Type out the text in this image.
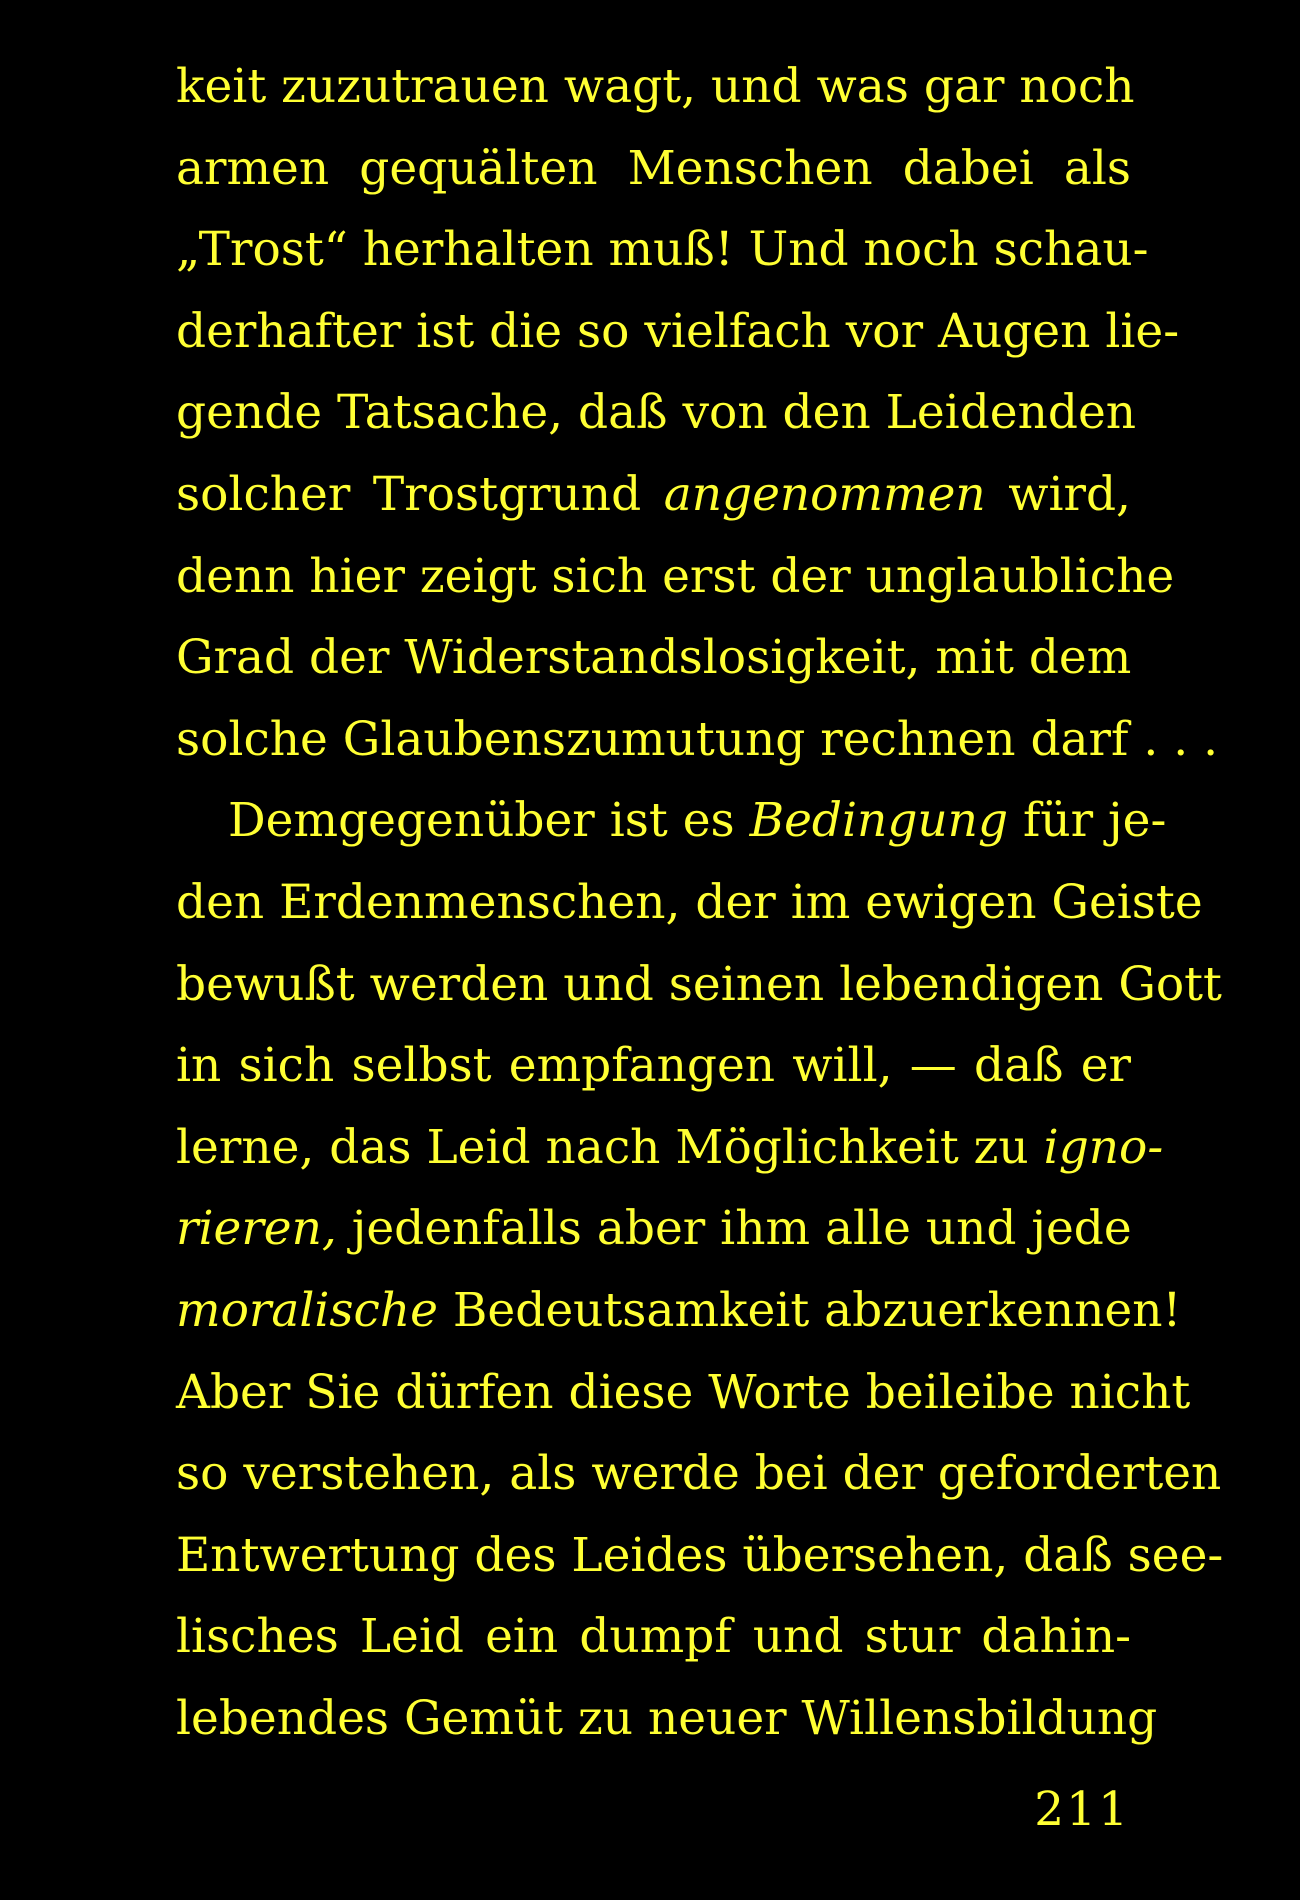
keit zuzutrauen wagt, und was gar noch
armen gequälten Menschen dabei als
„Trost“ herhalten muß! Und noch schau-
derhafter ist die so vielfach vor Augen lie-
gende Tatsache, daß von den Leidenden
solcher Trostgrund angenommen wird,
denn hier zeigt sich erst der unglaubliche
Grad der Widerstandslosigkeit, mit dem
solche Glaubenszumutung rechnen darf . . .
Demgegenüber ist es Bedingung für je-
den Erdenmenschen, der im ewigen Geiste
bewußt werden und seinen lebendigen Gott
in sich selbst empfangen will, — daß er
lerne, das Leid nach Möglichkeit zu igno-
rieren, jedenfalls aber ihm alle und jede
moralische Bedeutsamkeit abzuerkennen!
Aber Sie dürfen diese Worte beileibe nicht
so verstehen, als werde bei der geforderten
Entwertung des Leides übersehen, daß see-
lisches Leid ein dumpf und stur dahin-
lebendes Gemüt zu neuer Willensbildung
211
